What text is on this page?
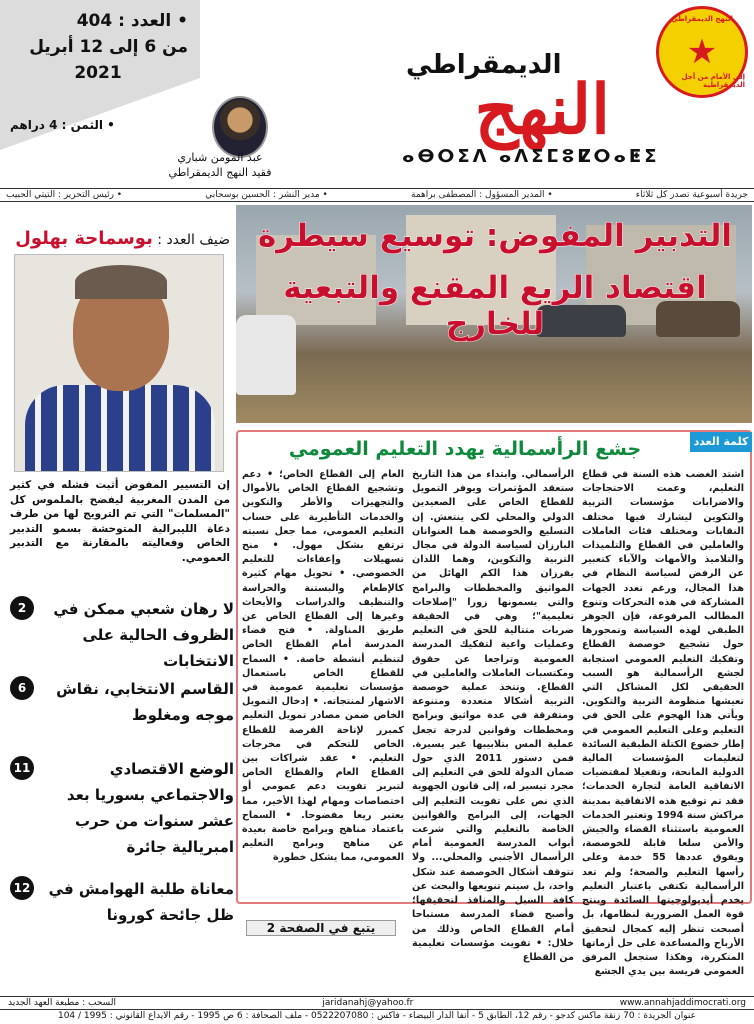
• العدد : 404
من 6 إلى 12 أبريل
2021
• الثمن : 4 دراهم
★
النهج الديمقراطي
إلى الأمام من أجل الديمقراطية
الديمقراطي
النهج
ⴰⴱⵔⵉⴷ ⴰⴷⵉⵎⵓⵇⵔⴰⵟⵉ
عبد المومن شباري
فقيد النهج الديمقراطي
جريدة أسبوعية تصدر كل ثلاثاء
• المدير المسؤول : المصطفى براهمة
• مدير النشر : الحسين بوسحابي
• رئيس التحرير : التيتي الحبيب
التدبير المفوض: توسيع سيطرة
اقتصاد الريع المقنع والتبعية للخارج
ضيف العدد : بوسماحة بهلول
إن التسيير المفوض أثبت فشله في كثير من المدن المغربية ليفضح بالملموس كل "المسلمات" التي تم الترويج لها من طرف دعاة الليبرالية المتوحشة بسمو التدبير الخاص وفعاليته بالمقارنة مع التدبير العمومي.
2	لا رهان شعبي ممكن في الظروف الحالية على الانتخابات
6	القاسم الانتخابي، نقاش موجه ومغلوط
11	الوضع الاقتصادي والاجتماعي بسوريا بعد عشر سنوات من حرب امبريالية جائرة
12	معاناة طلبة الهوامش في ظل جائحة كورونا
كلمة العدد
جشع الرأسمالية يهدد التعليم العمومي
اشتد الغضب هذه السنة في قطاع التعليم، وعمت الاحتجاجات والاضرابات مؤسسات التربية والتكوين ليشارك فيها مختلف النقابات ومختلف فئات العاملات والعاملين في القطاع والتلميذات والتلاميذ والأمهات والآباء كتعبير عن الرفض لسياسة النظام في هذا المجال، ورغم تعدد الجهات المشاركة في هذه التحركات وتنوع المطالب المرفوعة، فإن الجوهر الطبقي لهذه السياسة وتمحورها حول تشجيع خوصصة القطاع وتفكيك التعليم العمومي استجابة لجشع الرأسمالية هو السبب الحقيقي لكل المشاكل التي تعيشها منظومة التربية والتكوين. ويأتي هذا الهجوم على الحق في التعليم وعلى التعليم العمومي في إطار خضوع الكتلة الطبقية السائدة لتعليمات المؤسسات المالية الدولية المانحة، وتفعيلا لمقتضيات الاتفاقية العامة لتجارة الخدمات؛ فقد تم توقيع هذه الاتفاقية بمدينة مراكش سنة 1994 وتعتبر الخدمات العمومية باستثناء القضاء والجيش والأمن سلعا قابلة للخوصصة، ويفوق عددها 55 خدمة وعلى رأسها التعليم والصحة؛ ولم تعد الرأسمالية تكتفي باعتبار التعليم يخدم أيديولوجيتها السائدة وينتج قوة العمل الضرورية لنظامها، بل أصبحت تنظر إليه كمجال لتحقيق الأرباح والمساعدة على حل أزماتها المتكررة، وهكذا ستجعل المرفق العمومي فريسة بين يدي الجشع
الرأسمالي. وابتداء من هذا التاريخ ستعقد المؤتمرات ويوفر التمويل للقطاع الخاص على الصعيدين الدولي والمحلي لكي ينتعش. إن التسليع والخوصصة هما العنوانان البارزان لسياسة الدولة في مجال التربية والتكوين، وهما اللذان يفرزان هذا الكم الهائل من المواثيق والمخططات والبرامج والتي يسمونها زورا "إصلاحات تعليمية"؛ وهي في الحقيقة ضربات متتالية للحق في التعليم وعمليات واعية لتفكيك المدرسة العمومية وتراجعا عن حقوق ومكتسبات العاملات والعاملين في القطاع. وتتخذ عملية خوصصة التربية أشكالا متعددة ومتنوعة ومتفرقة في عدة مواثيق وبرامج ومخططات وقوانين لدرجة تجعل عملية المس بتلابيبها غير يسيرة. فمن دستور 2011 الذي حول ضمان الدولة للحق في التعليم إلى مجرد تيسير له، إلى قانون الجهوية الذي نص على تفويت التعليم إلى الجهات، إلى البرامج والقوانين الخاصة بالتعليم والتي شرعت أبواب المدرسة العمومية أمام الرأسمال الأجنبي والمحلي... ولا تتوقف أشكال الخوصصة عند شكل واحد، بل سيتم تنويعها والبحث عن كافة السبل والمنافذ لتحقيقها؛ وأصبح فضاء المدرسة مستباحا أمام القطاع الخاص وذلك من خلال: • تفويت مؤسسات تعليمية من القطاع
العام إلى القطاع الخاص؛ • دعم وتشجيع القطاع الخاص بالأموال والتجهيزات والأطر والتكوين والخدمات التأطيرية على حساب التعليم العمومي، مما جعل نسبته ترتفع بشكل مهول. • منح تسهيلات وإعفاءات للتعليم الخصوصي. • تحويل مهام كثيرة كالإطعام والبستنة والحراسة والتنظيف والدراسات والأبحاث وغيرها إلى القطاع الخاص عن طريق المناولة. • فتح فضاء المدرسة أمام القطاع الخاص لتنظيم أنشطة خاصة. • السماح للقطاع الخاص باستعمال مؤسسات تعليمية عمومية في الاشهار لمنتجاته. • إدخال التمويل الخاص ضمن مصادر تمويل التعليم كمبرر لإتاحة الفرصة للقطاع الخاص للتحكم في مخرجات التعليم. • عقد شراكات بين القطاع العام والقطاع الخاص لتبرير تفويت دعم عمومي أو اختصاصات ومهام لهذا الأخير، مما يعتبر ريعا مفضوحا. • السماح باعتماد مناهج وبرامج خاصة بعيدة عن مناهج وبرامج التعليم العمومي، مما يشكل خطورة
يتبع في الصفحة 2
www.annahjaddimocrati.org
jaridanahj@yahoo.fr
السحب : مطبعة العهد الجديد
عنوان الجريدة : 70 زنقة ماكس كدجو - رقم 12، الطابق 5 - أنفا الدار البيضاء - فاكس : 0522207080 - ملف الصحافة : 6 ص 1995 - رقم الايداع القانوني : 1995 / 104
